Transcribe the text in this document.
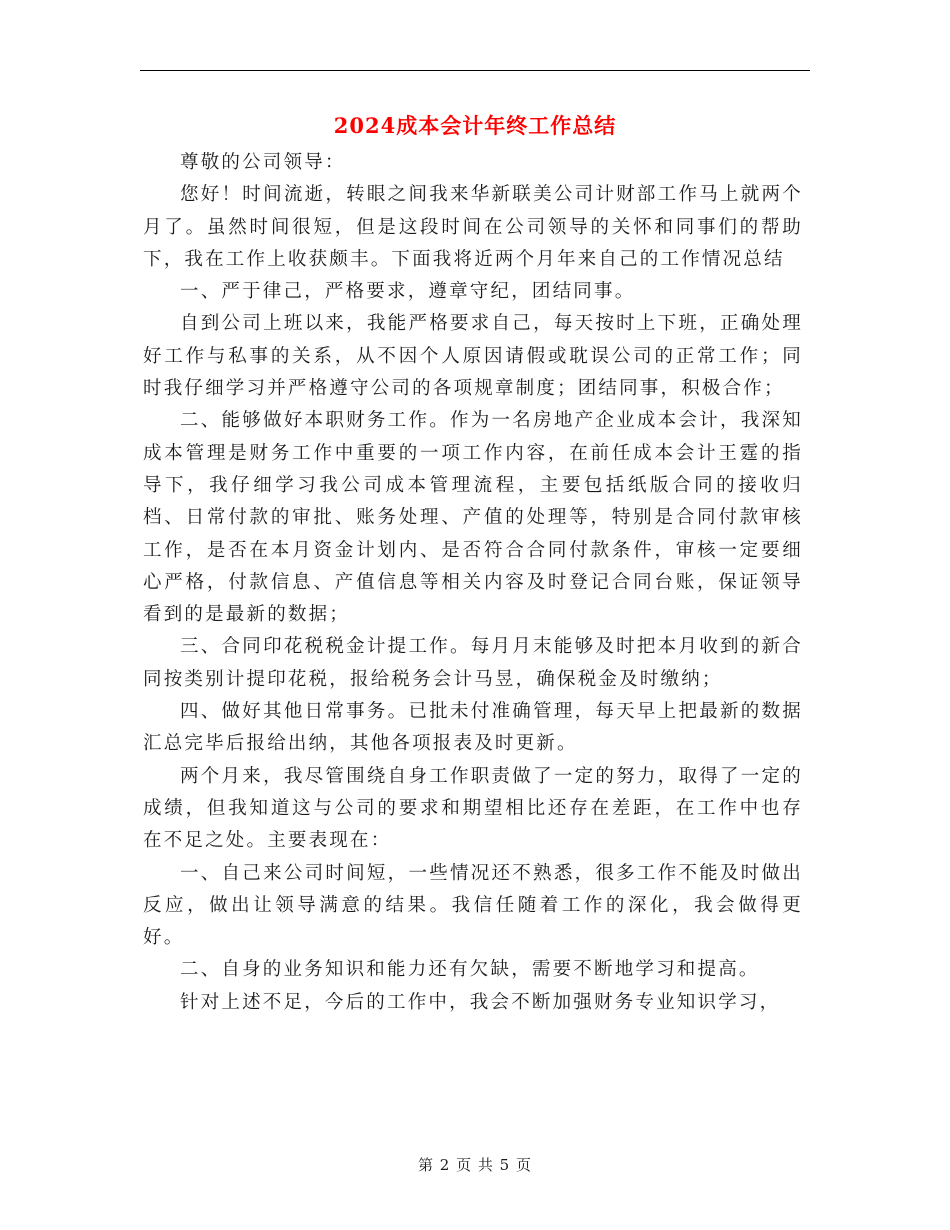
2024成本会计年终工作总结

尊敬的公司领导：

您好！时间流逝，转眼之间我来华新联美公司计财部工作马上就两个月了。虽然时间很短，但是这段时间在公司领导的关怀和同事们的帮助下，我在工作上收获颇丰。下面我将近两个月年来自己的工作情况总结

一、严于律己，严格要求，遵章守纪，团结同事。

自到公司上班以来，我能严格要求自己，每天按时上下班，正确处理好工作与私事的关系，从不因个人原因请假或耽误公司的正常工作；同时我仔细学习并严格遵守公司的各项规章制度；团结同事，积极合作；

二、能够做好本职财务工作。作为一名房地产企业成本会计，我深知成本管理是财务工作中重要的一项工作内容，在前任成本会计王霆的指导下，我仔细学习我公司成本管理流程，主要包括纸版合同的接收归档、日常付款的审批、账务处理、产值的处理等，特别是合同付款审核工作，是否在本月资金计划内、是否符合合同付款条件，审核一定要细心严格，付款信息、产值信息等相关内容及时登记合同台账，保证领导看到的是最新的数据；

三、合同印花税税金计提工作。每月月末能够及时把本月收到的新合同按类别计提印花税，报给税务会计马昱，确保税金及时缴纳；

四、做好其他日常事务。已批未付准确管理，每天早上把最新的数据汇总完毕后报给出纳，其他各项报表及时更新。

两个月来，我尽管围绕自身工作职责做了一定的努力，取得了一定的成绩，但我知道这与公司的要求和期望相比还存在差距，在工作中也存在不足之处。主要表现在：

一、自己来公司时间短，一些情况还不熟悉，很多工作不能及时做出反应，做出让领导满意的结果。我信任随着工作的深化，我会做得更好。

二、自身的业务知识和能力还有欠缺，需要不断地学习和提高。

针对上述不足，今后的工作中，我会不断加强财务专业知识学习，

第 2 页 共 5 页
